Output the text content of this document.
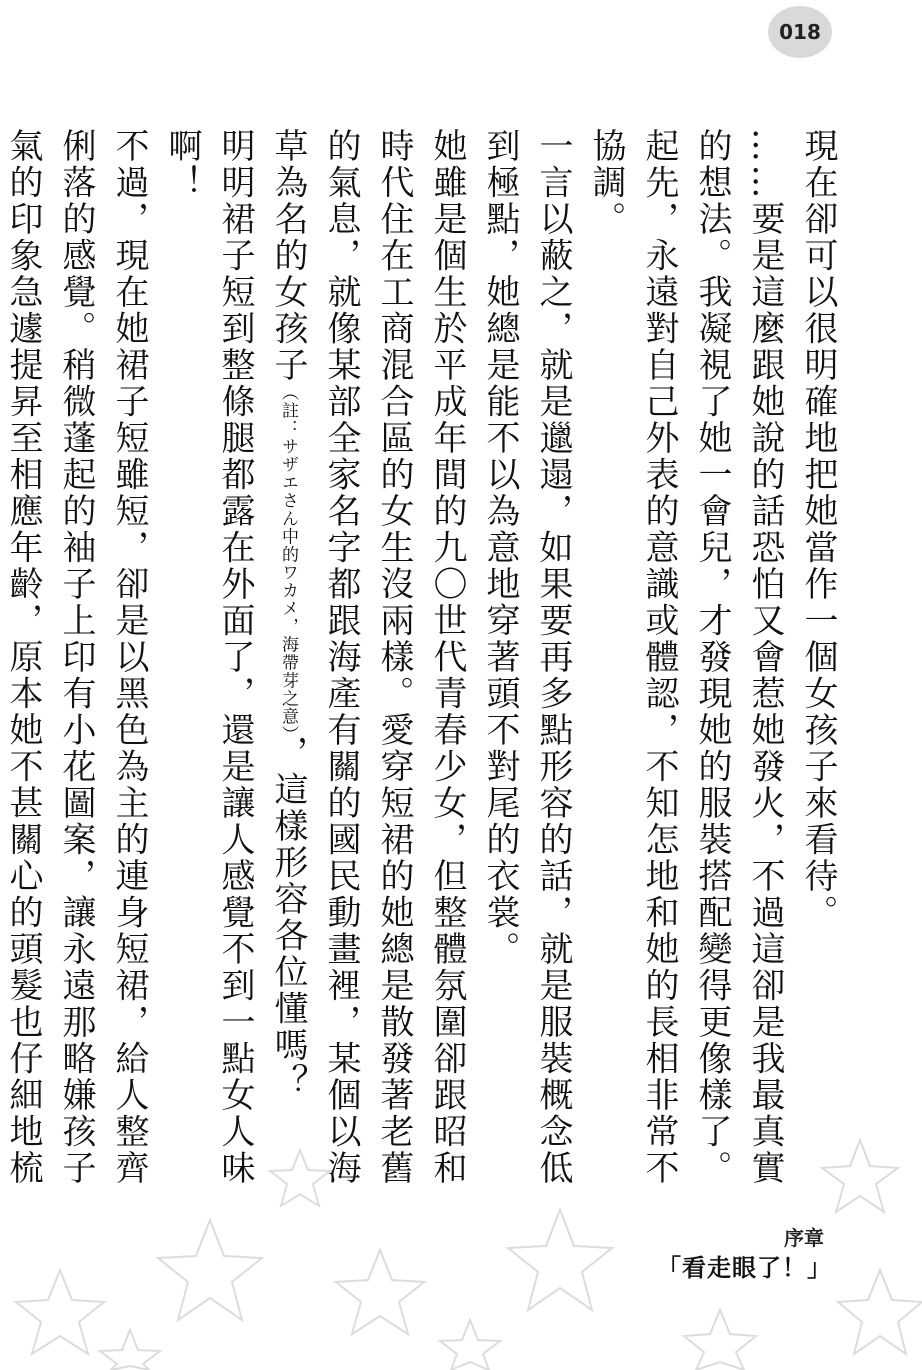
018

現在卻可以很明確地把她當作一個女孩子來看待。

……要是這麼跟她說的話恐怕又會惹她發火，不過這卻是我最真實的想法。我凝視了她一會兒，才發現她的服裝搭配變得更像樣了。起先，永遠對自己外表的意識或體認，不知怎地和她的長相非常不協調。

一言以蔽之，就是邋遢，如果要再多點形容的話，就是服裝概念低到極點，她總是能不以為意地穿著頭不對尾的衣裳。

她雖是個生於平成年間的九〇世代青春少女，但整體氛圍卻跟昭和時代住在工商混合區的女生沒兩樣。愛穿短裙的她總是散發著老舊的氣息，就像某部全家名字都跟海產有關的國民動畫裡，某個以海草為名的女孩子（註：サザエさん中的ワカメ，海帶芽之意），這樣形容各位懂嗎？

明明裙子短到整條腿都露在外面了，還是讓人感覺不到一點女人味啊！

不過，現在她裙子短雖短，卻是以黑色為主的連身短裙，給人整齊俐落的感覺。稍微蓬起的袖子上印有小花圖案，讓永遠那略嫌孩子氣的印象急遽提昇至相應年齡，原本她不甚關心的頭髮也仔細地梳

序章
「看走眼了！」
